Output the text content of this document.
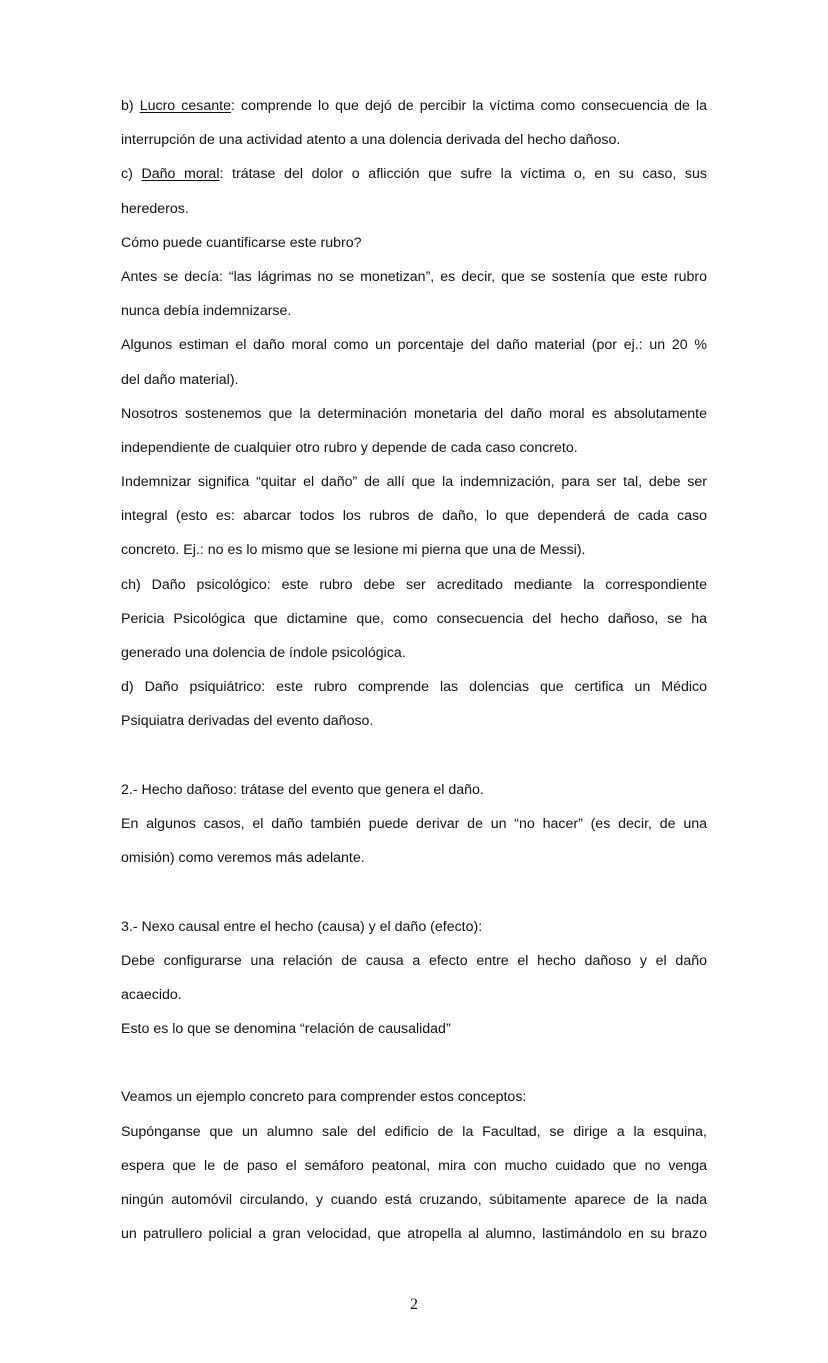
b) Lucro cesante: comprende lo que dejó de percibir la víctima como consecuencia de la
interrupción de una actividad atento a una dolencia derivada del hecho dañoso.
c) Daño moral: trátase del dolor o aflicción que sufre la víctima o, en su caso, sus
herederos.
Cómo puede cuantificarse este rubro?
Antes se decía: “las lágrimas no se monetizan”, es decir, que se sostenía que este rubro
nunca debía indemnizarse.
Algunos estiman el daño moral como un porcentaje del daño material (por ej.: un 20 %
del daño material).
Nosotros sostenemos que la determinación monetaria del daño moral es absolutamente
independiente de cualquier otro rubro y depende de cada caso concreto.
Indemnizar significa “quitar el daño” de allí que la indemnización, para ser tal, debe ser
integral (esto es: abarcar todos los rubros de daño, lo que dependerá de cada caso
concreto. Ej.: no es lo mismo que se lesione mi pierna que una de Messi).
ch) Daño psicológico: este rubro debe ser acreditado mediante la correspondiente
Pericia Psicológica que dictamine que, como consecuencia del hecho dañoso, se ha
generado una dolencia de índole psicológica.
d) Daño psiquiátrico: este rubro comprende las dolencias que certifica un Médico
Psiquiatra derivadas del evento dañoso.
2.- Hecho dañoso: trátase del evento que genera el daño.
En algunos casos, el daño también puede derivar de un “no hacer” (es decir, de una
omisión) como veremos más adelante.
3.- Nexo causal entre el hecho (causa) y el daño (efecto):
Debe configurarse una relación de causa a efecto entre el hecho dañoso y el daño
acaecido.
Esto es lo que se denomina “relación de causalidad”
Veamos un ejemplo concreto para comprender estos conceptos:
Supónganse que un alumno sale del edificio de la Facultad, se dirige a la esquina,
espera que le de paso el semáforo peatonal, mira con mucho cuidado que no venga
ningún automóvil circulando, y cuando está cruzando, súbitamente aparece de la nada
un patrullero policial a gran velocidad, que atropella al alumno, lastimándolo en su brazo
2
